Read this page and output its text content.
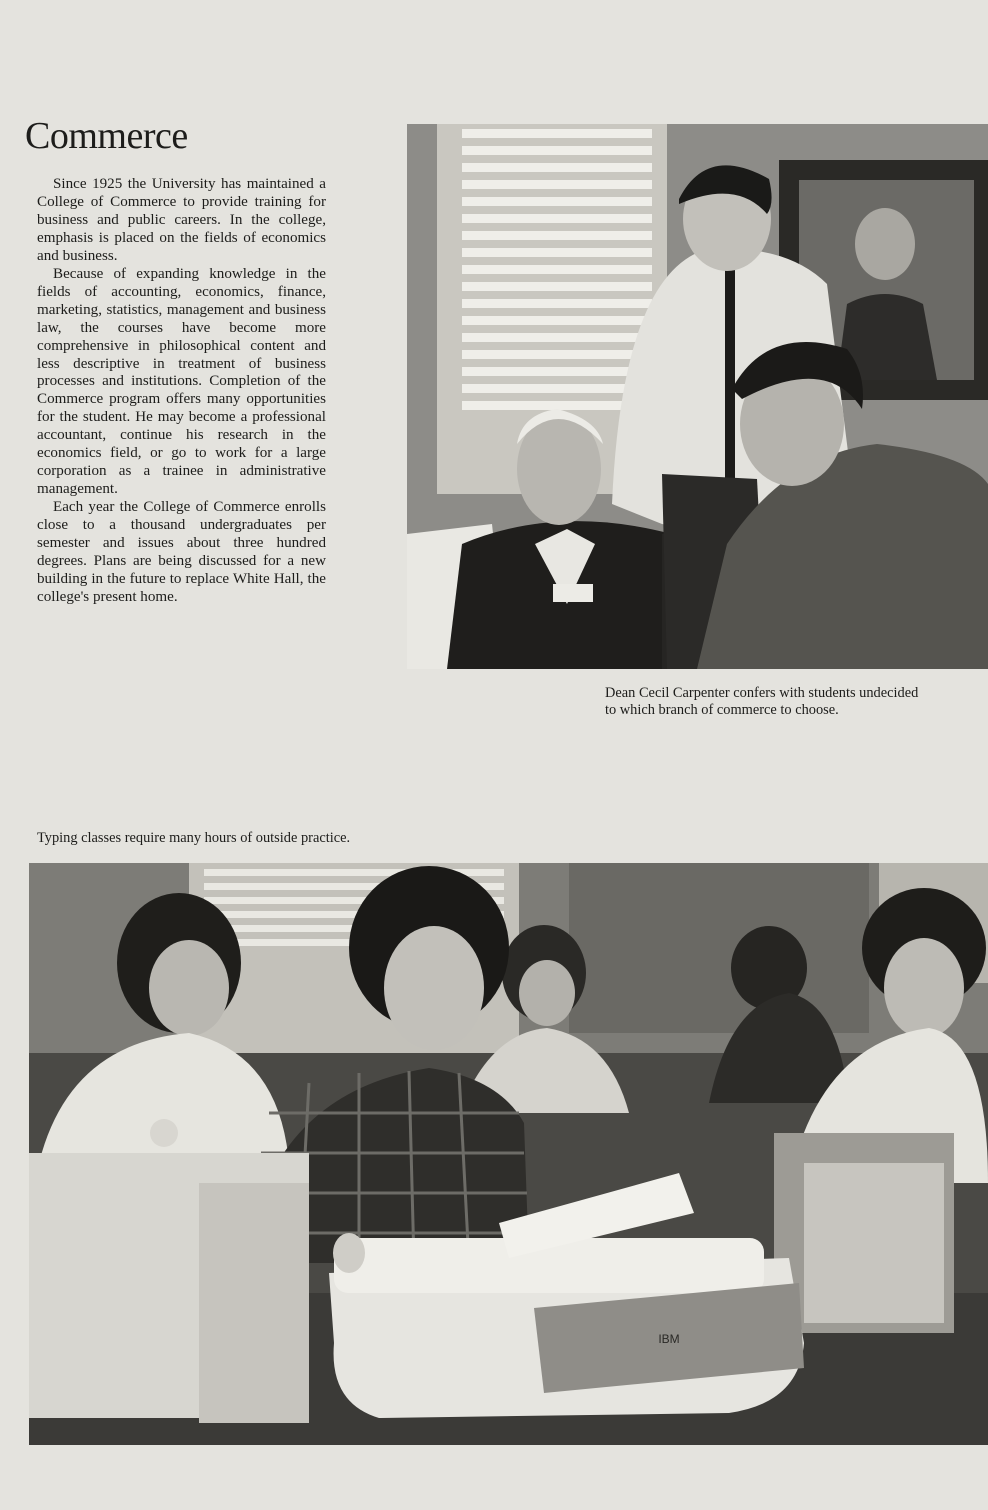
Commerce

Since 1925 the University has maintained a College of Commerce to provide training for business and public careers. In the college, emphasis is placed on the fields of economics and business.

Because of expanding knowledge in the fields of accounting, economics, finance, marketing, statistics, management and business law, the courses have become more comprehensive in philosophical content and less descriptive in treatment of business processes and institutions. Completion of the Commerce program offers many opportunities for the student. He may become a professional accountant, continue his research in the economics field, or go to work for a large corporation as a trainee in administrative management.

Each year the College of Commerce enrolls close to a thousand undergraduates per semester and issues about three hundred degrees. Plans are being discussed for a new building in the future to replace White Hall, the college's present home.

Dean Cecil Carpenter confers with students undecided
to which branch of commerce to choose.
Typing classes require many hours of outside practice.
IBM
